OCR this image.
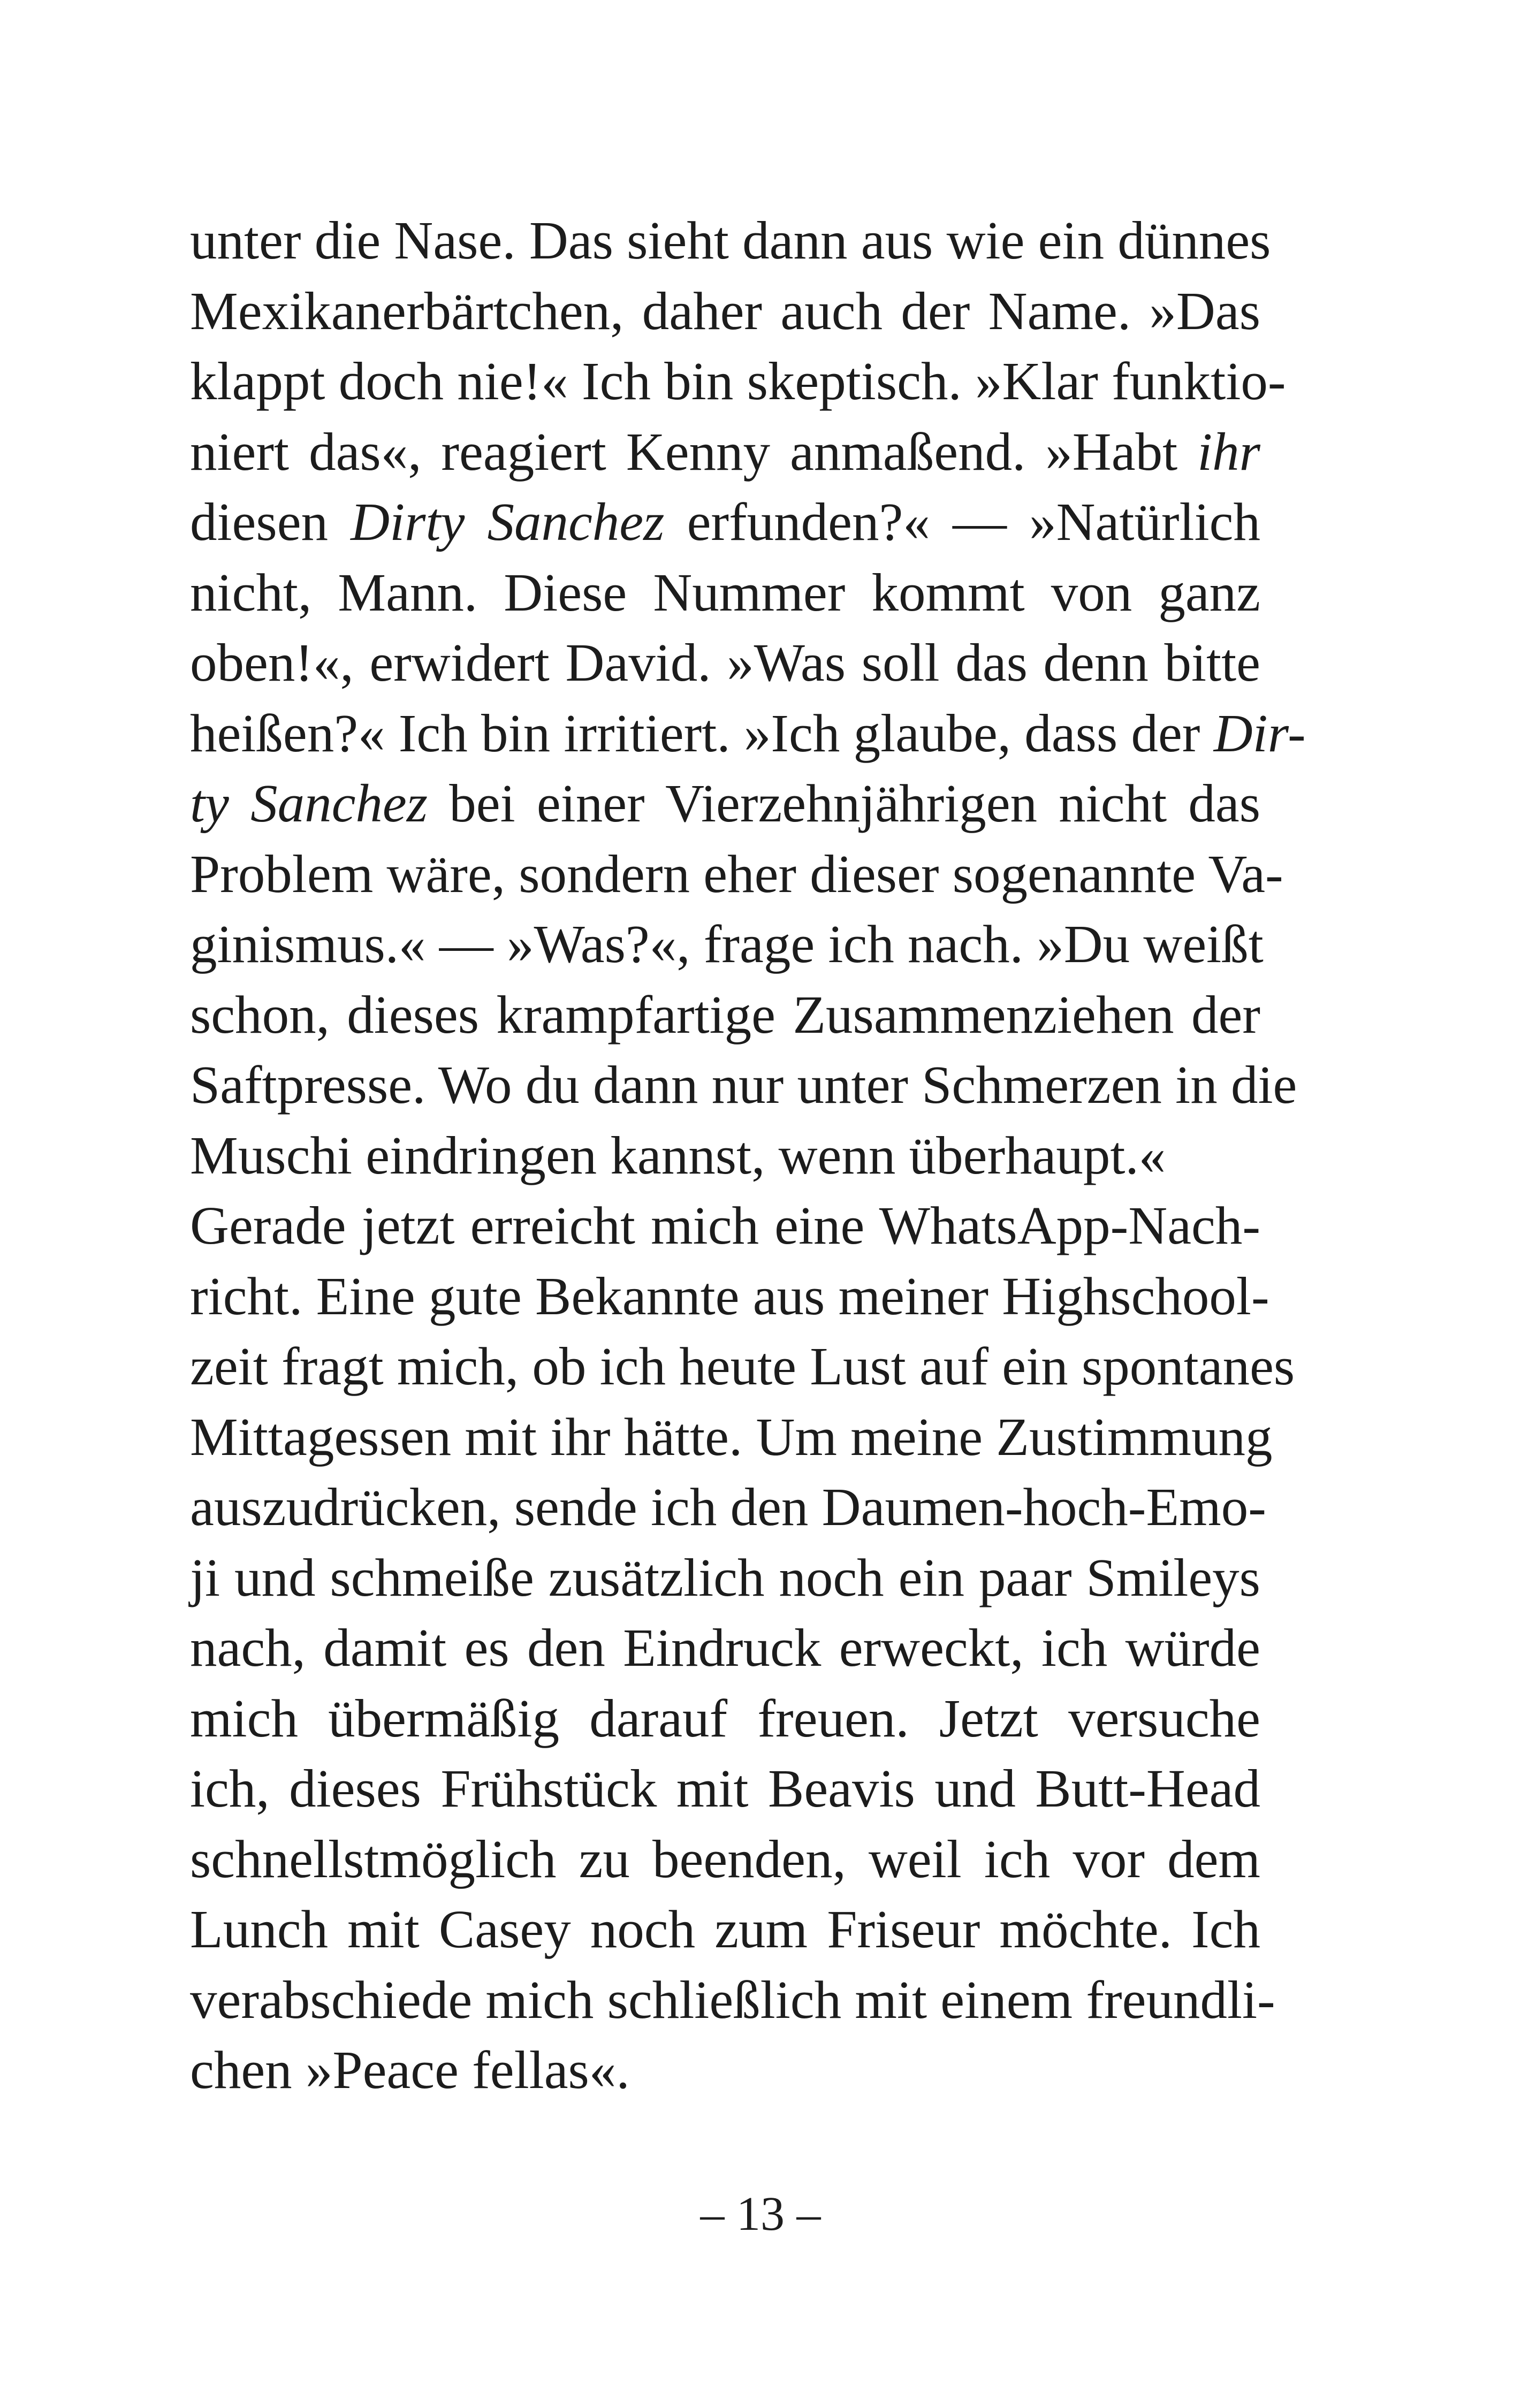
unter die Nase. Das sieht dann aus wie ein dünnes
Mexikanerbärtchen, daher auch der Name. »Das
klappt doch nie!« Ich bin skeptisch. »Klar funktio-
niert das«, reagiert Kenny anmaßend. »Habt ihr
diesen Dirty Sanchez erfunden?« — »Natürlich
nicht, Mann. Diese Nummer kommt von ganz
oben!«, erwidert David. »Was soll das denn bitte
heißen?« Ich bin irritiert. »Ich glaube, dass der Dir-
ty Sanchez bei einer Vierzehnjährigen nicht das
Problem wäre, sondern eher dieser sogenannte Va-
ginismus.« — »Was?«, frage ich nach. »Du weißt
schon, dieses krampfartige Zusammenziehen der
Saftpresse. Wo du dann nur unter Schmerzen in die
Muschi eindringen kannst, wenn überhaupt.«
Gerade jetzt erreicht mich eine WhatsApp-Nach-
richt. Eine gute Bekannte aus meiner Highschool-
zeit fragt mich, ob ich heute Lust auf ein spontanes
Mittagessen mit ihr hätte. Um meine Zustimmung
auszudrücken, sende ich den Daumen-hoch-Emo-
ji und schmeiße zusätzlich noch ein paar Smileys
nach, damit es den Eindruck erweckt, ich würde
mich übermäßig darauf freuen. Jetzt versuche
ich, dieses Frühstück mit Beavis und Butt-Head
schnellstmöglich zu beenden, weil ich vor dem
Lunch mit Casey noch zum Friseur möchte. Ich
verabschiede mich schließlich mit einem freundli-
chen »Peace fellas«.
– 13 –
